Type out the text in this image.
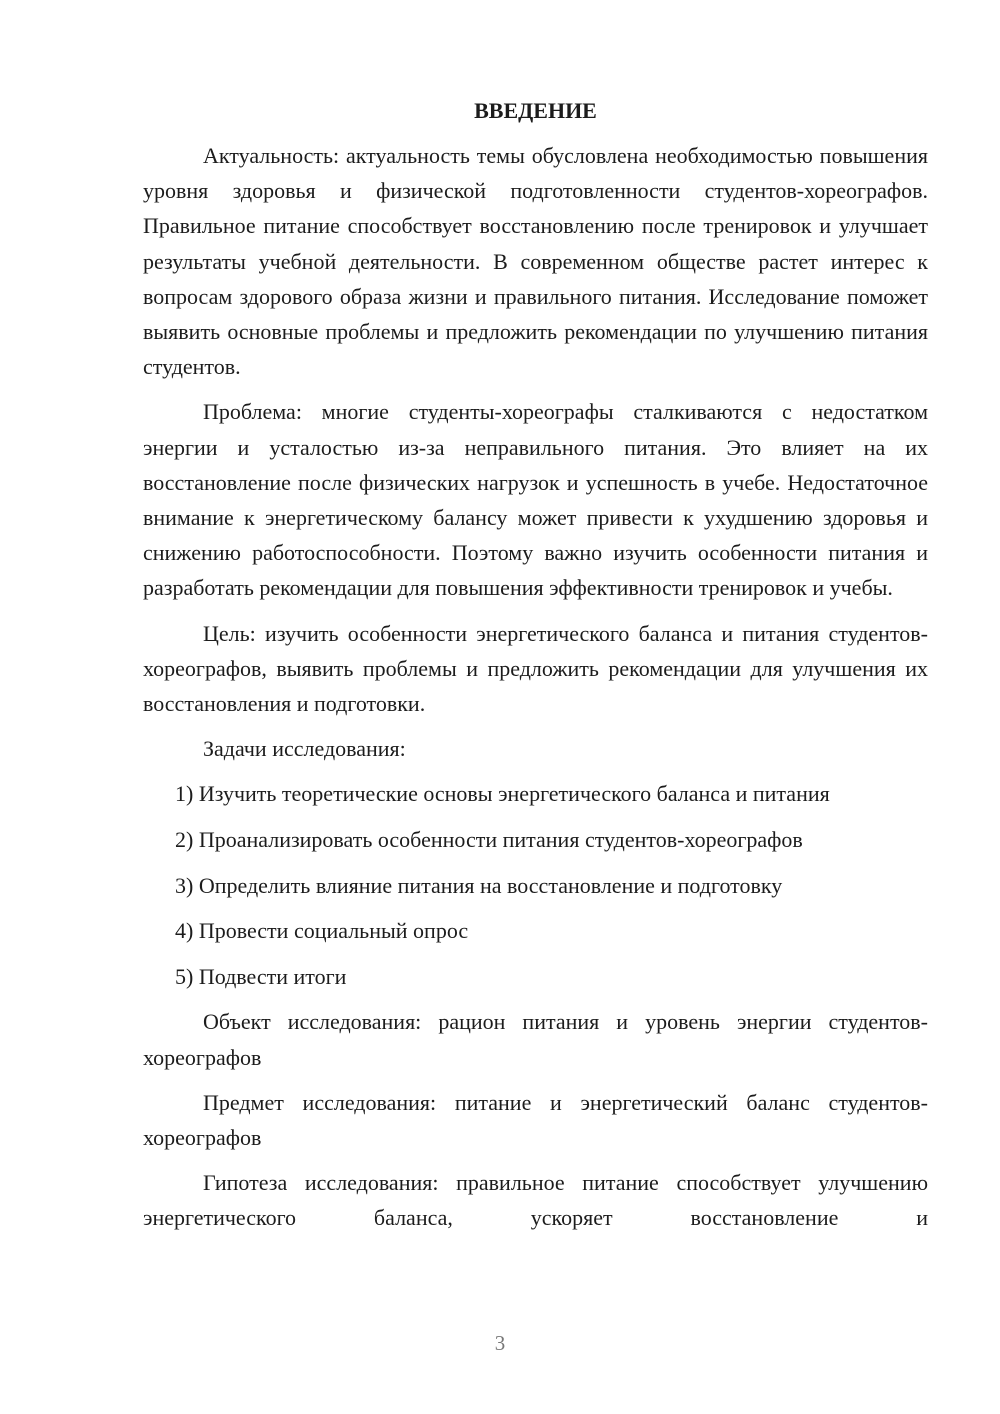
ВВЕДЕНИЕ

Актуальность: актуальность темы обусловлена необходимостью повышения уровня здоровья и физической подготовленности студентов-хореографов. Правильное питание способствует восстановлению после тренировок и улучшает результаты учебной деятельности. В современном обществе растет интерес к вопросам здорового образа жизни и правильного питания. Исследование поможет выявить основные проблемы и предложить рекомендации по улучшению питания студентов.

Проблема: многие студенты-хореографы сталкиваются с недостатком энергии и усталостью из-за неправильного питания. Это влияет на их восстановление после физических нагрузок и успешность в учебе. Недостаточное внимание к энергетическому балансу может привести к ухудшению здоровья и снижению работоспособности. Поэтому важно изучить особенности питания и разработать рекомендации для повышения эффективности тренировок и учебы.

Цель: изучить особенности энергетического баланса и питания студентов-хореографов, выявить проблемы и предложить рекомендации для улучшения их восстановления и подготовки.

Задачи исследования:

1) Изучить теоретические основы энергетического баланса и питания
2) Проанализировать особенности питания студентов-хореографов
3) Определить влияние питания на восстановление и подготовку
4) Провести социальный опрос
5) Подвести итоги

Объект исследования: рацион питания и уровень энергии студентов-хореографов

Предмет исследования: питание и энергетический баланс студентов-хореографов

Гипотеза исследования: правильное питание способствует улучшению энергетического баланса, ускоряет восстановление и

3
